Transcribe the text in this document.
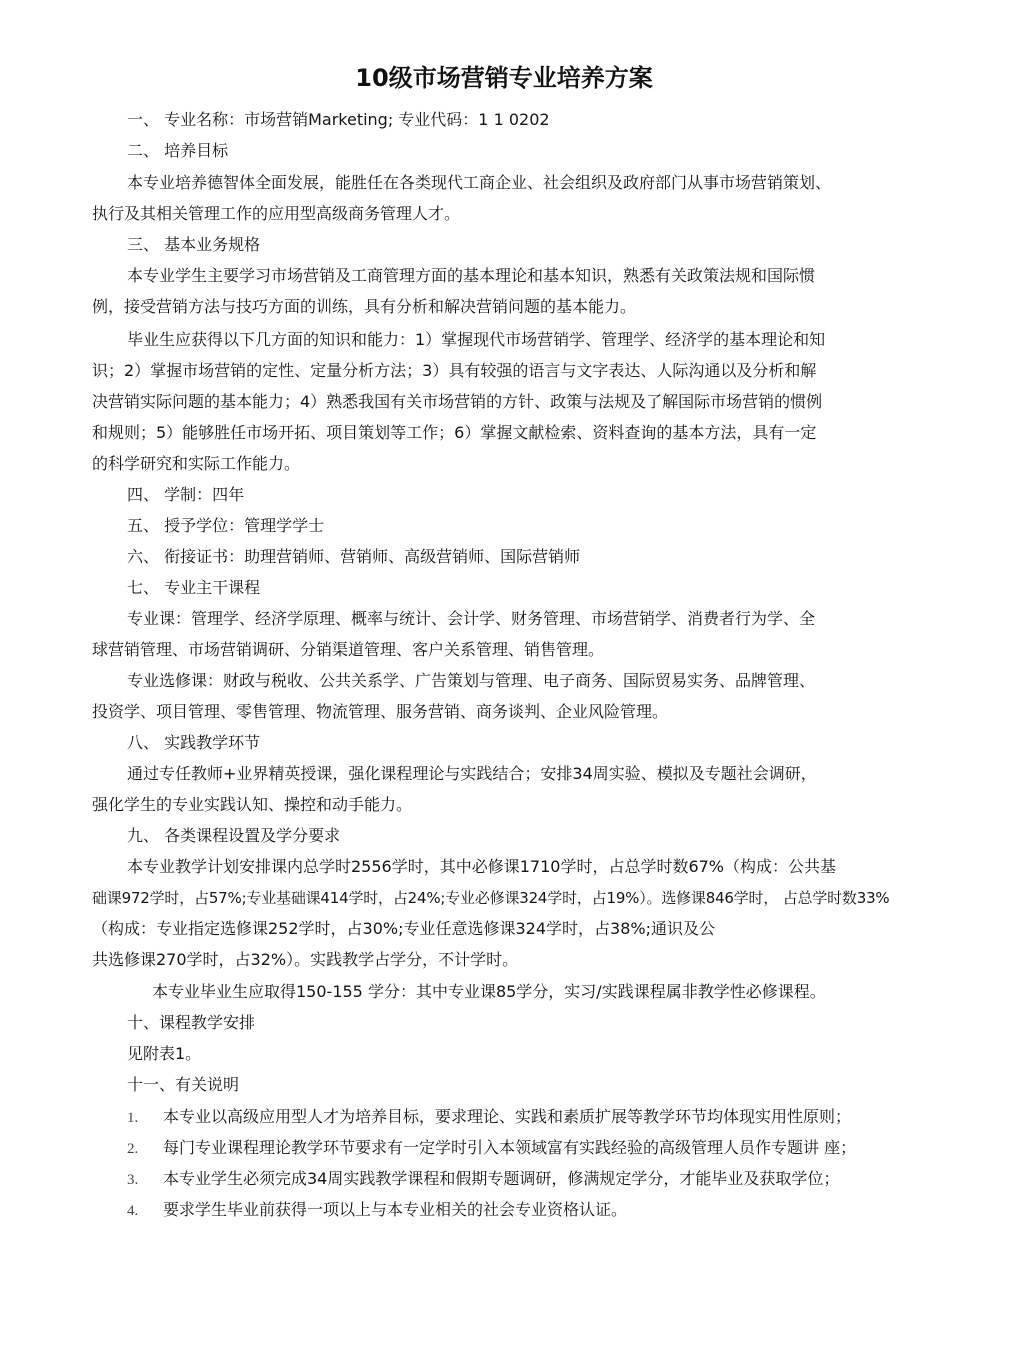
10级市场营销专业培养方案
一、 专业名称：市场营销Marketing; 专业代码：1 1 0202
二、 培养目标
本专业培养德智体全面发展，能胜任在各类现代工商企业、社会组织及政府部门从事市场营销策划、
执行及其相关管理工作的应用型高级商务管理人才。
三、 基本业务规格
本专业学生主要学习市场营销及工商管理方面的基本理论和基本知识，熟悉有关政策法规和国际惯
例，接受营销方法与技巧方面的训练，具有分析和解决营销问题的基本能力。
毕业生应获得以下几方面的知识和能力：1）掌握现代市场营销学、管理学、经济学的基本理论和知
识；2）掌握市场营销的定性、定量分析方法；3）具有较强的语言与文字表达、人际沟通以及分析和解
决营销实际问题的基本能力；4）熟悉我国有关市场营销的方针、政策与法规及了解国际市场营销的惯例
和规则；5）能够胜任市场开拓、项目策划等工作；6）掌握文献检索、资料查询的基本方法，具有一定
的科学研究和实际工作能力。
四、 学制：四年
五、 授予学位：管理学学士
六、 衔接证书：助理营销师、营销师、高级营销师、国际营销师
七、 专业主干课程
专业课：管理学、经济学原理、概率与统计、会计学、财务管理、市场营销学、消费者行为学、全
球营销管理、市场营销调研、分销渠道管理、客户关系管理、销售管理。
专业选修课：财政与税收、公共关系学、广告策划与管理、电子商务、国际贸易实务、品牌管理、
投资学、项目管理、零售管理、物流管理、服务营销、商务谈判、企业风险管理。
八、 实践教学环节
通过专任教师+业界精英授课，强化课程理论与实践结合；安排34周实验、模拟及专题社会调研，
强化学生的专业实践认知、操控和动手能力。
九、 各类课程设置及学分要求
本专业教学计划安排课内总学时2556学时，其中必修课1710学时，占总学时数67%（构成：公共基
础课972学时，占57%;专业基础课414学时，占24%;专业必修课324学时，占19%）。选修课846学时， 占总学时数33%
（构成：专业指定选修课252学时，占30%;专业任意选修课324学时，占38%;通识及公
共选修课270学时，占32%）。实践教学占学分，不计学时。
本专业毕业生应取得150-155 学分：其中专业课85学分，实习/实践课程属非教学性必修课程。
十、课程教学安排
见附表1。
十一、有关说明
1. 本专业以高级应用型人才为培养目标，要求理论、实践和素质扩展等教学环节均体现实用性原则；
2. 每门专业课程理论教学环节要求有一定学时引入本领域富有实践经验的高级管理人员作专题讲 座；
3. 本专业学生必须完成34周实践教学课程和假期专题调研，修满规定学分，才能毕业及获取学位；
4. 要求学生毕业前获得一项以上与本专业相关的社会专业资格认证。
